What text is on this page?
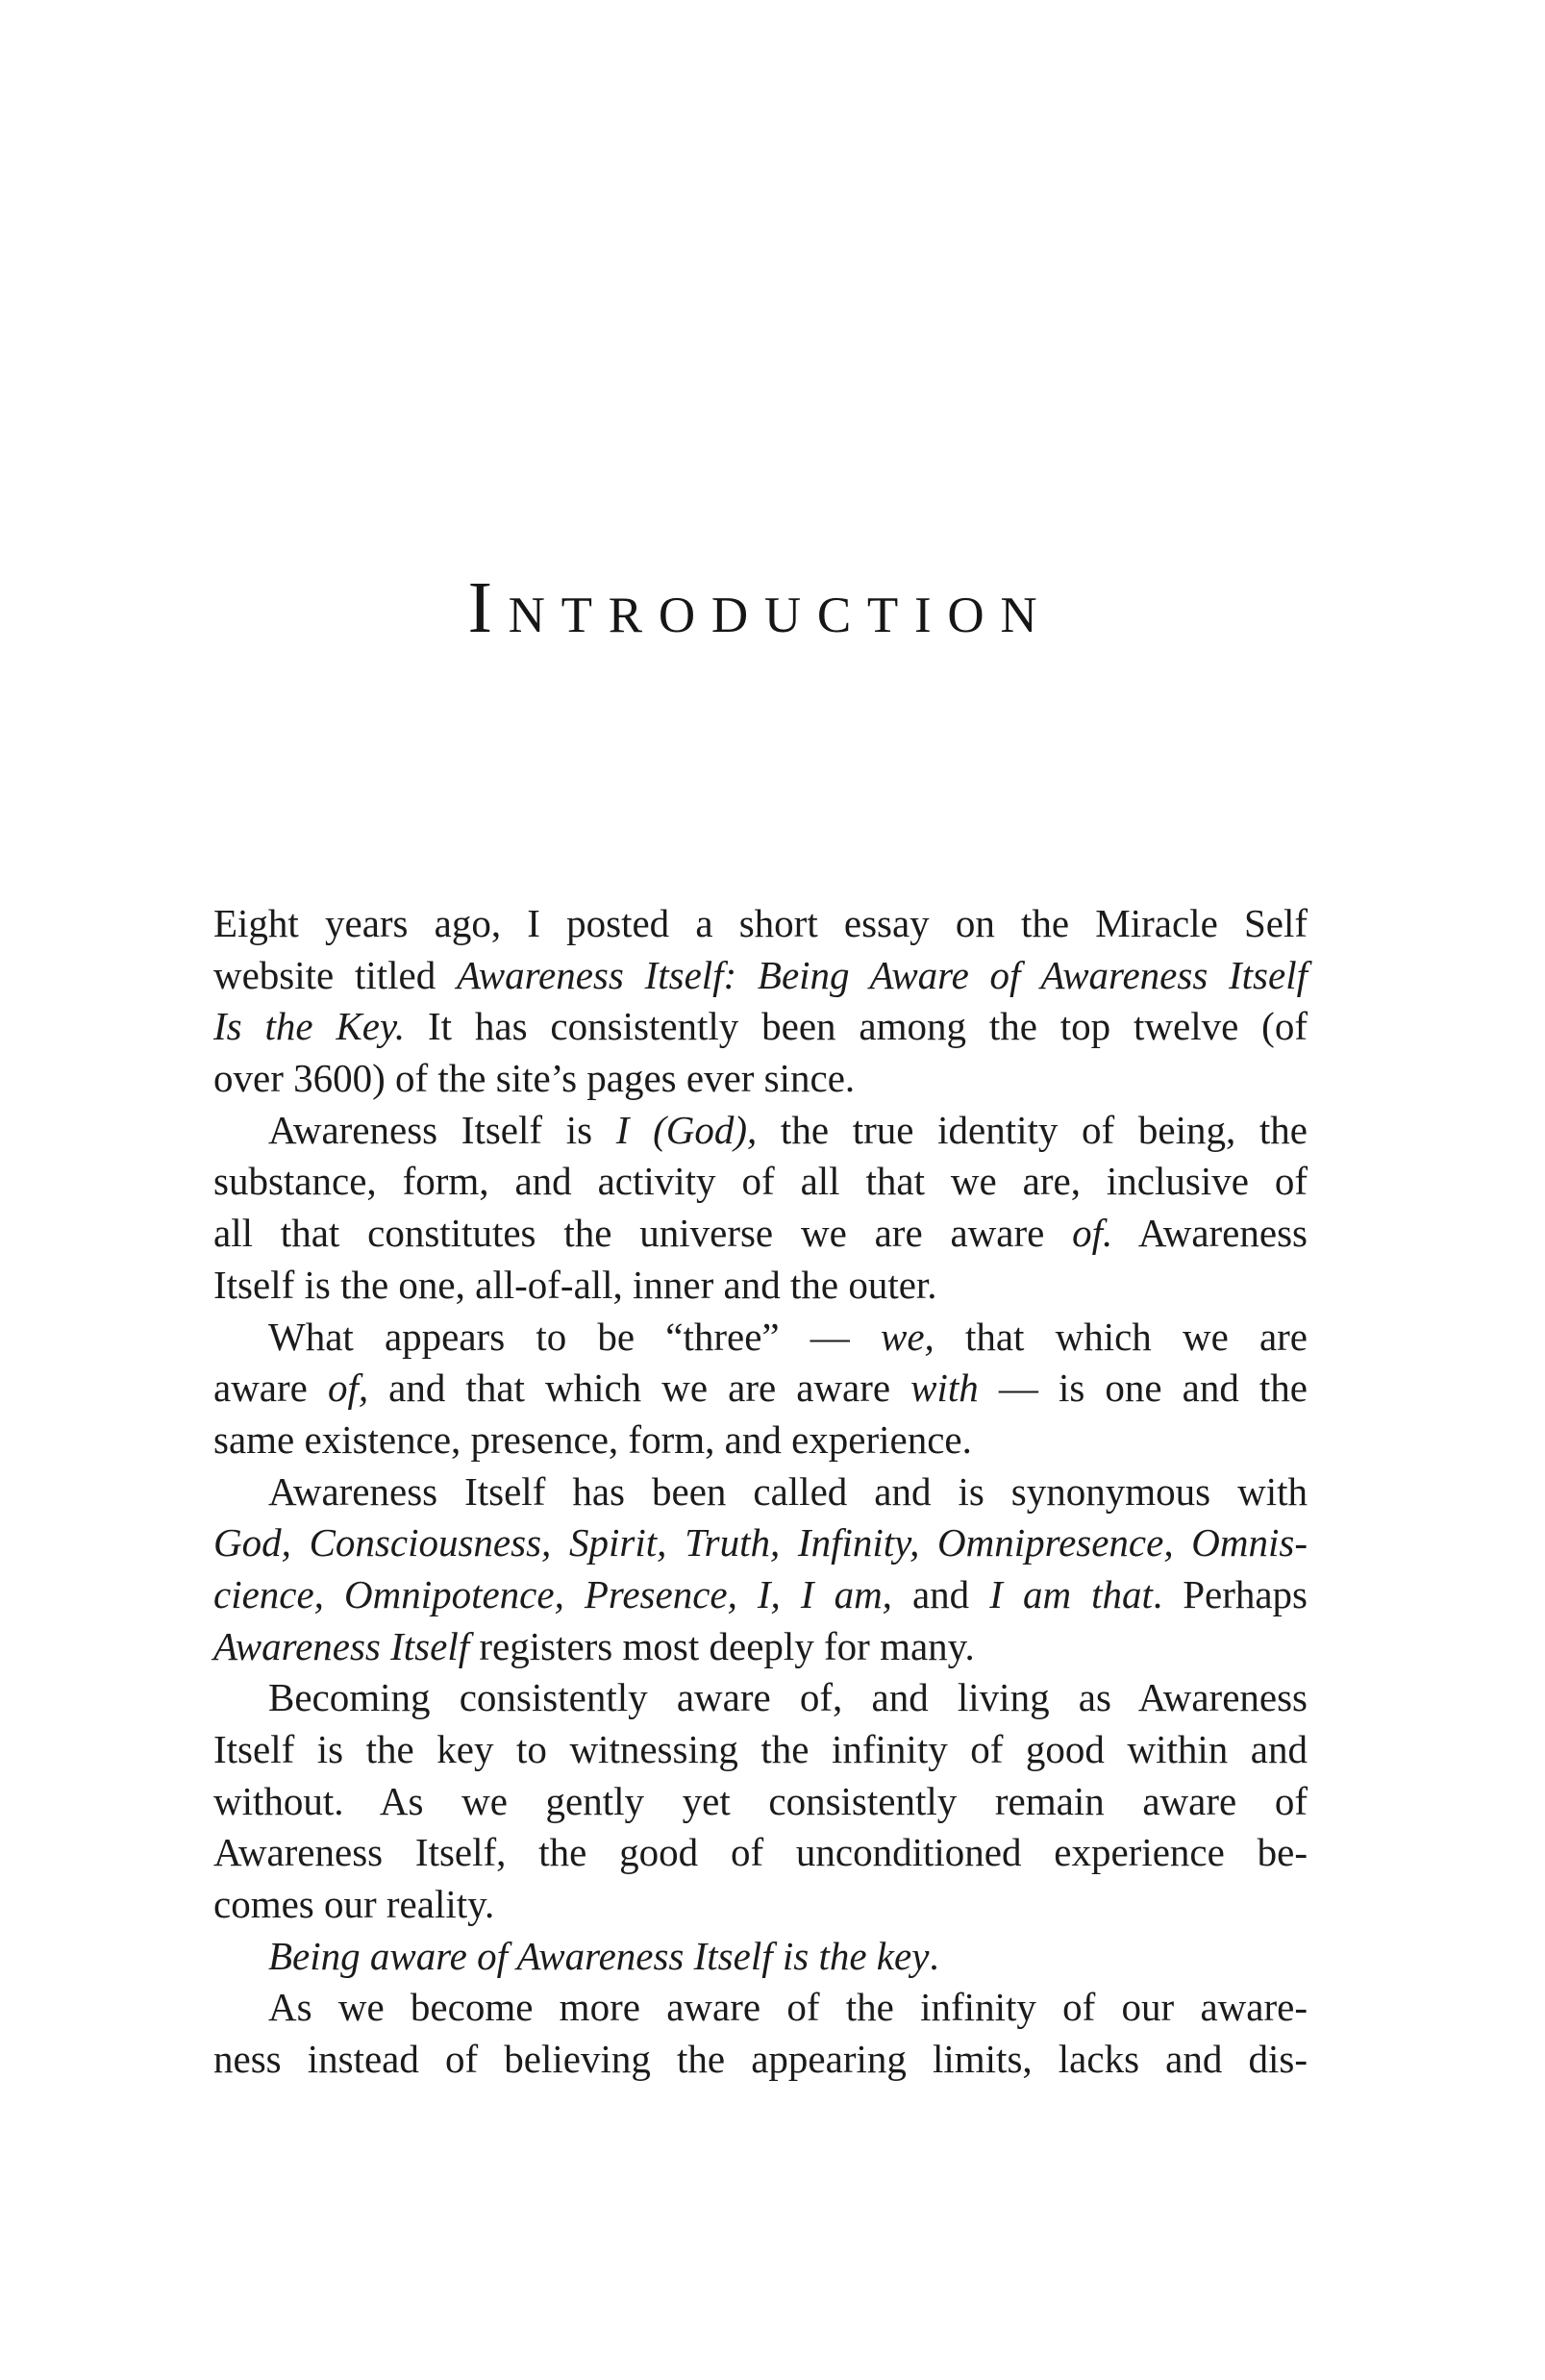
Introduction
Eight years ago, I posted a short essay on the Miracle Self
website titled Awareness Itself: Being Aware of Awareness Itself
Is the Key. It has consistently been among the top twelve (of
over 3600) of the site’s pages ever since.
Awareness Itself is I (God), the true identity of being, the
substance, form, and activity of all that we are, inclusive of
all that constitutes the universe we are aware of. Awareness
Itself is the one, all-of-all, inner and the outer.
What appears to be “three” — we, that which we are
aware of, and that which we are aware with — is one and the
same existence, presence, form, and experience.
Awareness Itself has been called and is synonymous with
God, Consciousness, Spirit, Truth, Infinity, Omnipresence, Omnis-
cience, Omnipotence, Presence, I, I am, and I am that. Perhaps
Awareness Itself registers most deeply for many.
Becoming consistently aware of, and living as Awareness
Itself is the key to witnessing the infinity of good within and
without. As we gently yet consistently remain aware of
Awareness Itself, the good of unconditioned experience be-
comes our reality.
Being aware of Awareness Itself is the key.
As we become more aware of the infinity of our aware-
ness instead of believing the appearing limits, lacks and dis-
